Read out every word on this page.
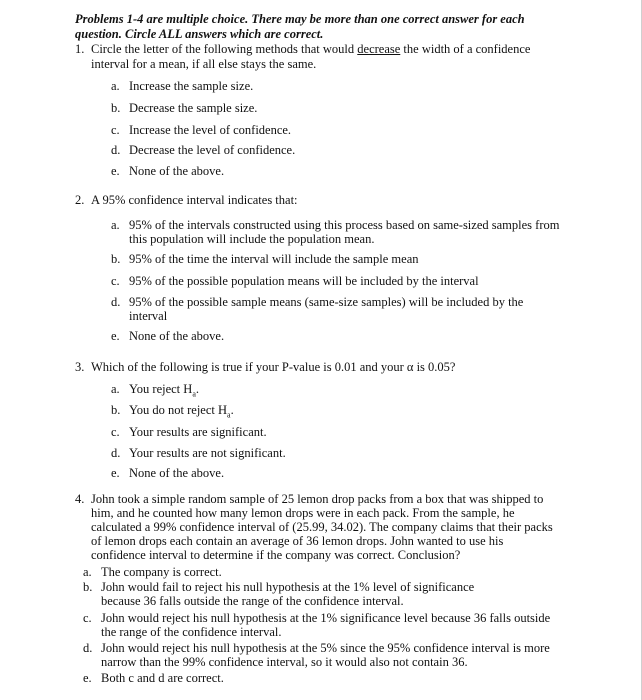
Problems 1-4 are multiple choice. There may be more than one correct answer for each
question. Circle ALL answers which are correct.
1. Circle the letter of the following methods that would decrease the width of a confidence
interval for a mean, if all else stays the same.
a. Increase the sample size.
b. Decrease the sample size.
c. Increase the level of confidence.
d. Decrease the level of confidence.
e. None of the above.
2. A 95% confidence interval indicates that:
a. 95% of the intervals constructed using this process based on same-sized samples from
this population will include the population mean.
b. 95% of the time the interval will include the sample mean
c. 95% of the possible population means will be included by the interval
d. 95% of the possible sample means (same-size samples) will be included by the
interval
e. None of the above.
3. Which of the following is true if your P-value is 0.01 and your α is 0.05?
a. You reject $H_a$.
b. You do not reject $H_a$.
c. Your results are significant.
d. Your results are not significant.
e. None of the above.
4. John took a simple random sample of 25 lemon drop packs from a box that was shipped to
him, and he counted how many lemon drops were in each pack. From the sample, he
calculated a 99% confidence interval of (25.99, 34.02). The company claims that their packs
of lemon drops each contain an average of 36 lemon drops. John wanted to use his
confidence interval to determine if the company was correct. Conclusion?
a. The company is correct.
b. John would fail to reject his null hypothesis at the 1% level of significance
because 36 falls outside the range of the confidence interval.
c. John would reject his null hypothesis at the 1% significance level because 36 falls outside
the range of the confidence interval.
d. John would reject his null hypothesis at the 5% since the 95% confidence interval is more
narrow than the 99% confidence interval, so it would also not contain 36.
e. Both c and d are correct.
